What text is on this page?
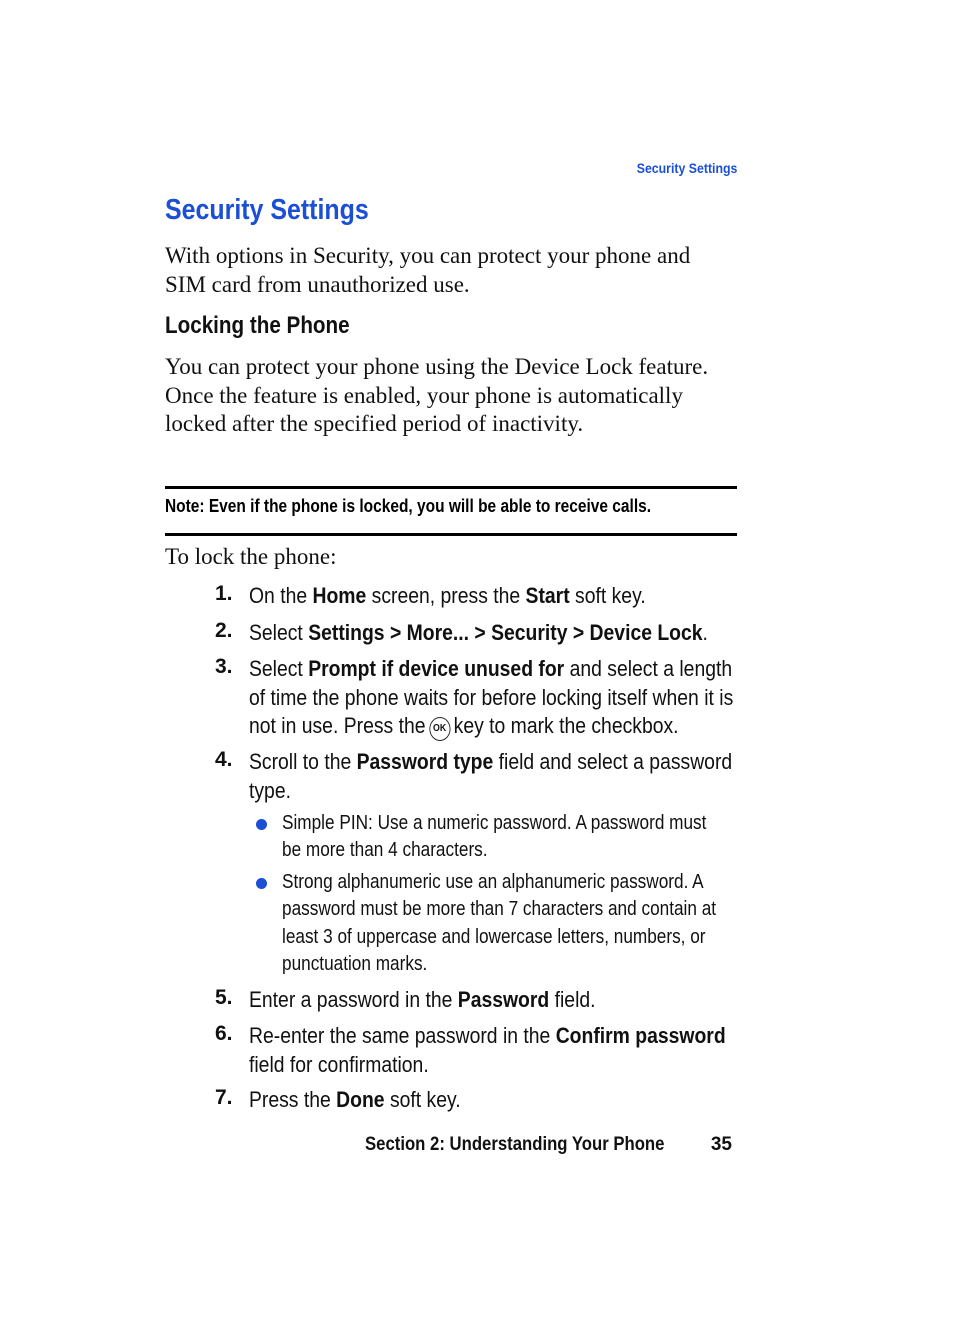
Security Settings
Security Settings

With options in Security, you can protect your phone and SIM card from unauthorized use.

Locking the Phone

You can protect your phone using the Device Lock feature. Once the feature is enabled, your phone is automatically locked after the specified period of inactivity.

Note: Even if the phone is locked, you will be able to receive calls.

To lock the phone:

1. On the Home screen, press the Start soft key.
2. Select Settings > More... > Security > Device Lock.
3. Select Prompt if device unused for and select a length of time the phone waits for before locking itself when it is not in use. Press the OK key to mark the checkbox.
4. Scroll to the Password type field and select a password type.
Simple PIN: Use a numeric password. A password must be more than 4 characters.
Strong alphanumeric use an alphanumeric password. A password must be more than 7 characters and contain at least 3 of uppercase and lowercase letters, numbers, or punctuation marks.
5. Enter a password in the Password field.
6. Re-enter the same password in the Confirm password field for confirmation.
7. Press the Done soft key.
Section 2: Understanding Your Phone 35
